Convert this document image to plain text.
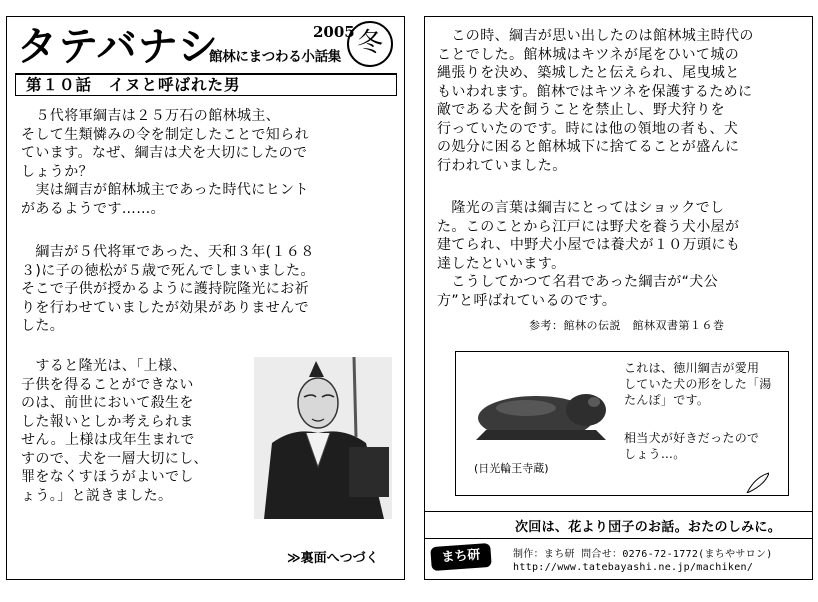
タテバナシ	2005 冬
館林にまつわる小話集
第１０話　イヌと呼ばれた男

　５代将軍綱吉は２５万石の館林城主、
そして生類憐みの令を制定したことで知られ
ています。なぜ、綱吉は犬を大切にしたので
しょうか？
　実は綱吉が館林城主であった時代にヒント
があるようです……。

　綱吉が５代将軍であった、天和３年(１６８
３)に子の徳松が５歳で死んでしまいました。
そこで子供が授かるように護持院隆光にお祈
りを行わせていましたが効果がありませんで
した。

　すると隆光は、「上様、
子供を得ることができない
のは、前世において殺生を
した報いとしか考えられま
せん。上様は戌年生まれで
すので、犬を一層大切にし、
罪をなくすほうがよいでし
ょう。」と説きました。

≫裏面へつづく

　この時、綱吉が思い出したのは館林城主時代の
ことでした。館林城はキツネが尾をひいて城の
縄張りを決め、築城したと伝えられ、尾曳城と
もいわれます。館林ではキツネを保護するために
敵である犬を飼うことを禁止し、野犬狩りを
行っていたのです。時には他の領地の者も、犬
の処分に困ると館林城下に捨てることが盛んに
行われていました。

　隆光の言葉は綱吉にとってはショックでし
た。このことから江戸には野犬を養う犬小屋が
建てられ、中野犬小屋では養犬が１０万頭にも
達したといいます。
　こうしてかつて名君であった綱吉が“犬公
方”と呼ばれているのです。

参考：館林の伝説　館林双書第１６巻
(日光輪王寺蔵)

これは、徳川綱吉が愛用
していた犬の形をした「湯
たんぽ」です。

相当犬が好きだったので
しょう…。

次回は、花より団子のお話。おたのしみに。
まち研	制作：まち研 問合せ：0276-72-1772(まちやサロン)
http://www.tatebayashi.ne.jp/machiken/
